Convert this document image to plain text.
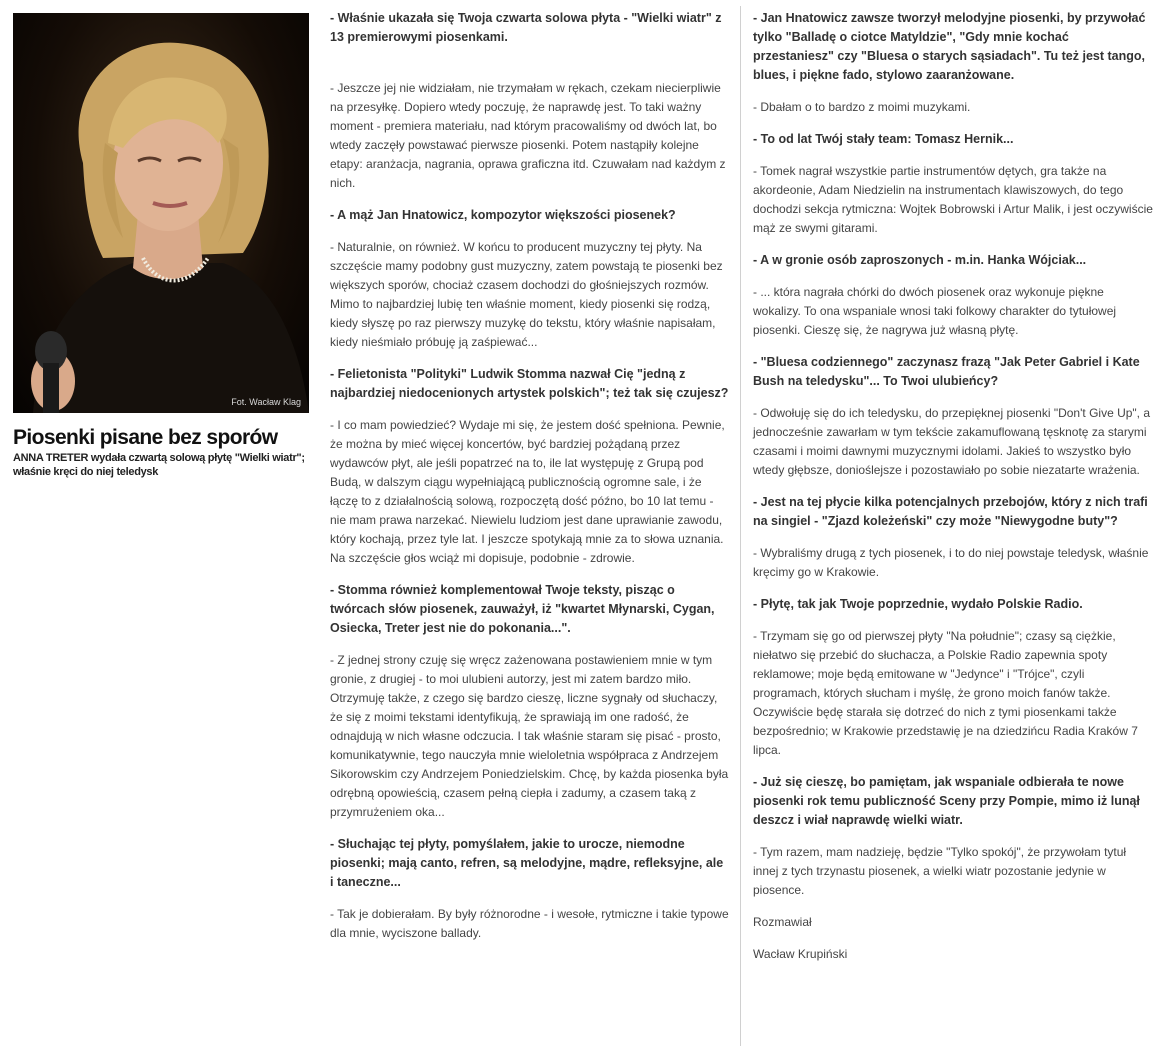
Fot. Wacław Klag
Piosenki pisane bez sporów
ANNA TRETER wydała czwartą solową płytę "Wielki wiatr"; właśnie kręci do niej teledysk

- Właśnie ukazała się Twoja czwarta solowa płyta - "Wielki wiatr" z 13 premierowymi piosenkami.

- Jeszcze jej nie widziałam, nie trzymałam w rękach, czekam niecierpliwie na przesyłkę. Dopiero wtedy poczuję, że naprawdę jest. To taki ważny moment - premiera materiału, nad którym pracowaliśmy od dwóch lat, bo wtedy zaczęły powstawać pierwsze piosenki. Potem nastąpiły kolejne etapy: aranżacja, nagrania, oprawa graficzna itd. Czuwałam nad każdym z nich.

- A mąż Jan Hnatowicz, kompozytor większości piosenek?

- Naturalnie, on również. W końcu to producent muzyczny tej płyty. Na szczęście mamy podobny gust muzyczny, zatem powstają te piosenki bez większych sporów, chociaż czasem dochodzi do głośniejszych rozmów. Mimo to najbardziej lubię ten właśnie moment, kiedy piosenki się rodzą, kiedy słyszę po raz pierwszy muzykę do tekstu, który właśnie napisałam, kiedy nieśmiało próbuję ją zaśpiewać...

- Felietonista "Polityki" Ludwik Stomma nazwał Cię "jedną z najbardziej niedocenionych artystek polskich"; też tak się czujesz?

- I co mam powiedzieć? Wydaje mi się, że jestem dość spełniona. Pewnie, że można by mieć więcej koncertów, być bardziej pożądaną przez wydawców płyt, ale jeśli popatrzeć na to, ile lat występuję z Grupą pod Budą, w dalszym ciągu wypełniającą publicznością ogromne sale, i że łączę to z działalnością solową, rozpoczętą dość późno, bo 10 lat temu - nie mam prawa narzekać. Niewielu ludziom jest dane uprawianie zawodu, który kochają, przez tyle lat. I jeszcze spotykają mnie za to słowa uznania. Na szczęście głos wciąż mi dopisuje, podobnie - zdrowie.

- Stomma również komplementował Twoje teksty, pisząc o twórcach słów piosenek, zauważył, iż "kwartet Młynarski, Cygan, Osiecka, Treter jest nie do pokonania...".

- Z jednej strony czuję się wręcz zażenowana postawieniem mnie w tym gronie, z drugiej - to moi ulubieni autorzy, jest mi zatem bardzo miło. Otrzymuję także, z czego się bardzo cieszę, liczne sygnały od słuchaczy, że się z moimi tekstami identyfikują, że sprawiają im one radość, że odnajdują w nich własne odczucia. I tak właśnie staram się pisać - prosto, komunikatywnie, tego nauczyła mnie wieloletnia współpraca z Andrzejem Sikorowskim czy Andrzejem Poniedzielskim. Chcę, by każda piosenka była odrębną opowieścią, czasem pełną ciepła i zadumy, a czasem taką z przymrużeniem oka...

- Słuchając tej płyty, pomyślałem, jakie to urocze, niemodne piosenki; mają canto, refren, są melodyjne, mądre, refleksyjne, ale i taneczne...

- Tak je dobierałam. By były różnorodne - i wesołe, rytmiczne i takie typowe dla mnie, wyciszone ballady.

- Jan Hnatowicz zawsze tworzył melodyjne piosenki, by przywołać tylko "Balladę o ciotce Matyldzie", "Gdy mnie kochać przestaniesz" czy "Bluesa o starych sąsiadach". Tu też jest tango, blues, i piękne fado, stylowo zaaranżowane.

- Dbałam o to bardzo z moimi muzykami.

- To od lat Twój stały team: Tomasz Hernik...

- Tomek nagrał wszystkie partie instrumentów dętych, gra także na akordeonie, Adam Niedzielin na instrumentach klawiszowych, do tego dochodzi sekcja rytmiczna: Wojtek Bobrowski i Artur Malik, i jest oczywiście mąż ze swymi gitarami.

- A w gronie osób zaproszonych - m.in. Hanka Wójciak...

- ... która nagrała chórki do dwóch piosenek oraz wykonuje piękne wokalizy. To ona wspaniale wnosi taki folkowy charakter do tytułowej piosenki. Cieszę się, że nagrywa już własną płytę.

- "Bluesa codziennego" zaczynasz frazą "Jak Peter Gabriel i Kate Bush na teledysku"... To Twoi ulubieńcy?

- Odwołuję się do ich teledysku, do przepięknej piosenki "Don't Give Up", a jednocześnie zawarłam w tym tekście zakamuflowaną tęsknotę za starymi czasami i moimi dawnymi muzycznymi idolami. Jakieś to wszystko było wtedy głębsze, donioślejsze i pozostawiało po sobie niezatarte wrażenia.

- Jest na tej płycie kilka potencjalnych przebojów, który z nich trafi na singiel - "Zjazd koleżeński" czy może "Niewygodne buty"?

- Wybraliśmy drugą z tych piosenek, i to do niej powstaje teledysk, właśnie kręcimy go w Krakowie.

- Płytę, tak jak Twoje poprzednie, wydało Polskie Radio.

- Trzymam się go od pierwszej płyty "Na południe"; czasy są ciężkie, niełatwo się przebić do słuchacza, a Polskie Radio zapewnia spoty reklamowe; moje będą emitowane w "Jedynce" i "Trójce", czyli programach, których słucham i myślę, że grono moich fanów także. Oczywiście będę starała się dotrzeć do nich z tymi piosenkami także bezpośrednio; w Krakowie przedstawię je na dziedzińcu Radia Kraków 7 lipca.

- Już się cieszę, bo pamiętam, jak wspaniale odbierała te nowe piosenki rok temu publiczność Sceny przy Pompie, mimo iż lunął deszcz i wiał naprawdę wielki wiatr.

- Tym razem, mam nadzieję, będzie "Tylko spokój", że przywołam tytuł innej z tych trzynastu piosenek, a wielki wiatr pozostanie jedynie w piosence.

Rozmawiał

Wacław Krupiński
